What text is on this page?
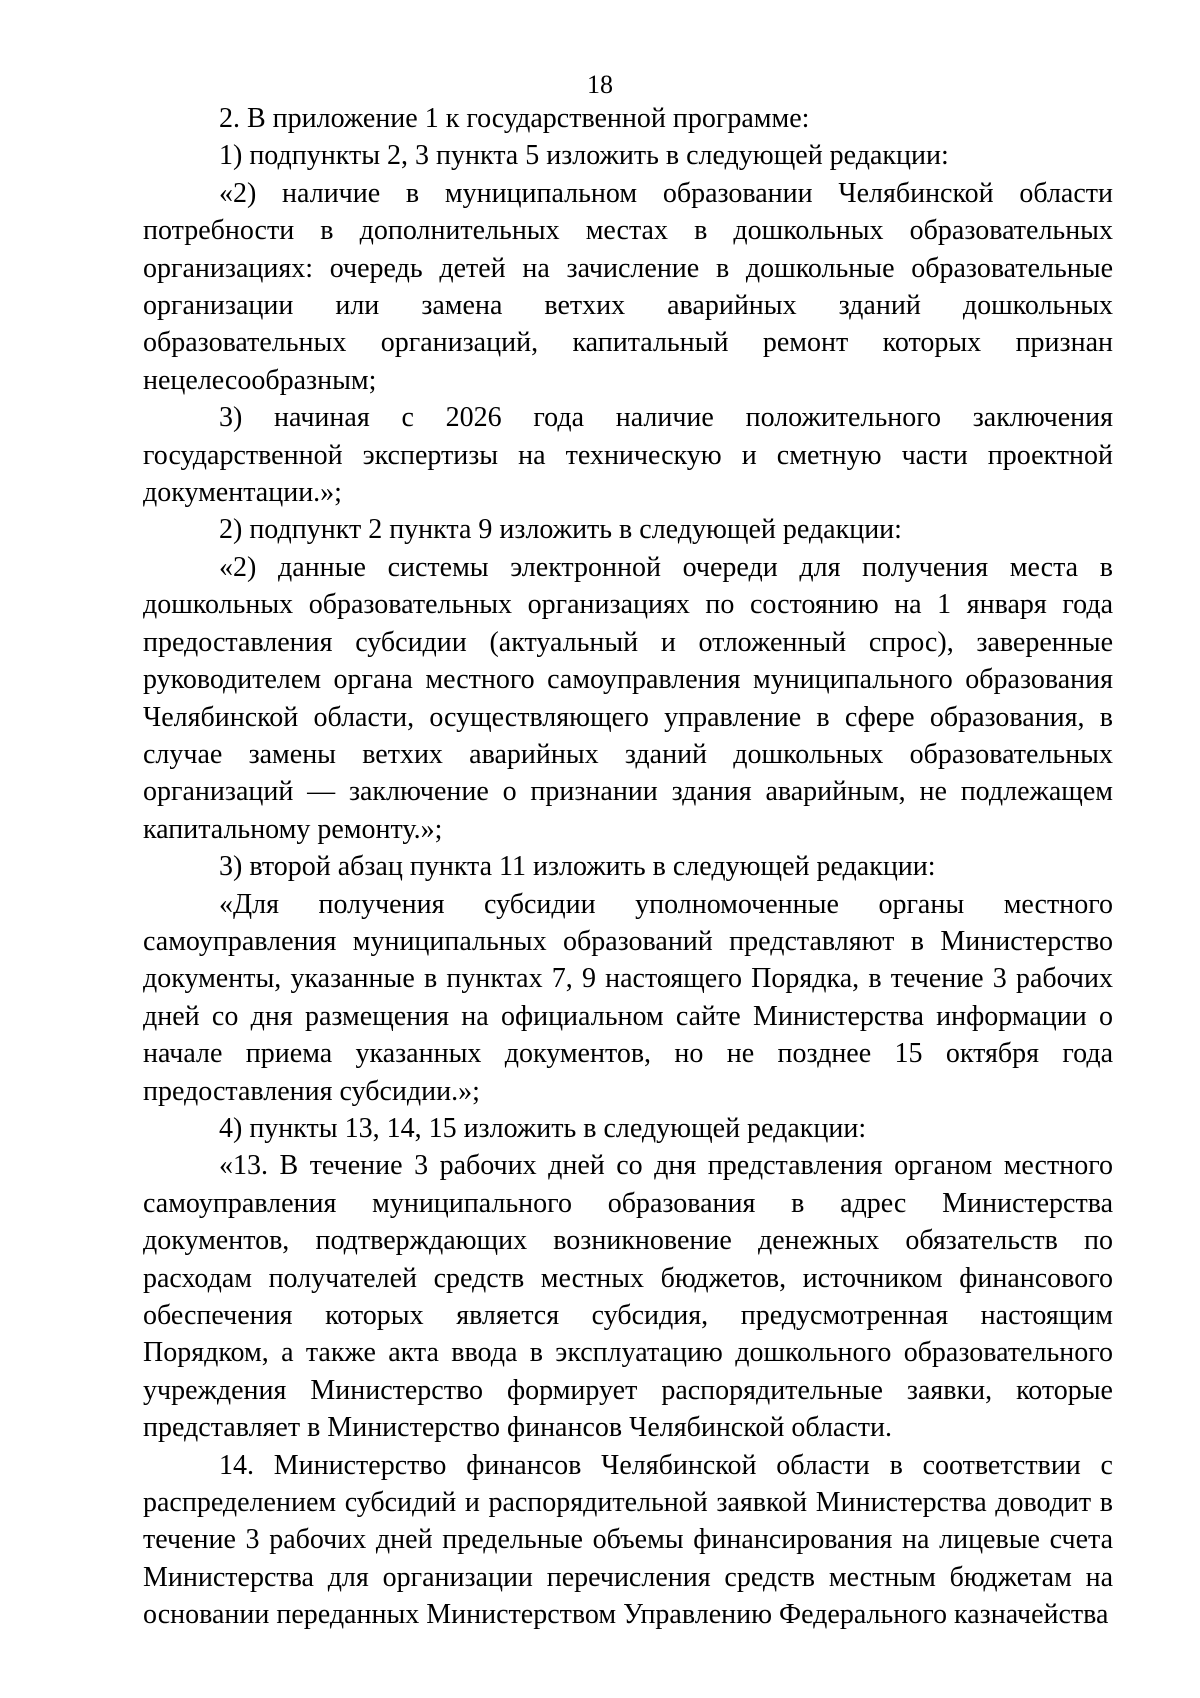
18

2. В приложение 1 к государственной программе:

1) подпункты 2, 3 пункта 5 изложить в следующей редакции:

«2) наличие в муниципальном образовании Челябинской области потребности в дополнительных местах в дошкольных образовательных организациях: очередь детей на зачисление в дошкольные образовательные организации или замена ветхих аварийных зданий дошкольных образовательных организаций, капитальный ремонт которых признан нецелесообразным;

3) начиная с 2026 года наличие положительного заключения государственной экспертизы на техническую и сметную части проектной документации.»;

2) подпункт 2 пункта 9 изложить в следующей редакции:

«2) данные системы электронной очереди для получения места в дошкольных образовательных организациях по состоянию на 1 января года предоставления субсидии (актуальный и отложенный спрос), заверенные руководителем органа местного самоуправления муниципального образования Челябинской области, осуществляющего управление в сфере образования, в случае замены ветхих аварийных зданий дошкольных образовательных организаций — заключение о признании здания аварийным, не подлежащем капитальному ремонту.»;

3) второй абзац пункта 11 изложить в следующей редакции:

«Для получения субсидии уполномоченные органы местного самоуправления муниципальных образований представляют в Министерство документы, указанные в пунктах 7, 9 настоящего Порядка, в течение 3 рабочих дней со дня размещения на официальном сайте Министерства информации о начале приема указанных документов, но не позднее 15 октября года предоставления субсидии.»;

4) пункты 13, 14, 15 изложить в следующей редакции:

«13. В течение 3 рабочих дней со дня представления органом местного самоуправления муниципального образования в адрес Министерства документов, подтверждающих возникновение денежных обязательств по расходам получателей средств местных бюджетов, источником финансового обеспечения которых является субсидия, предусмотренная настоящим Порядком, а также акта ввода в эксплуатацию дошкольного образовательного учреждения Министерство формирует распорядительные заявки, которые представляет в Министерство финансов Челябинской области.

14. Министерство финансов Челябинской области в соответствии с распределением субсидий и распорядительной заявкой Министерства доводит в течение 3 рабочих дней предельные объемы финансирования на лицевые счета Министерства для организации перечисления средств местным бюджетам на основании переданных Министерством Управлению Федерального казначейства
